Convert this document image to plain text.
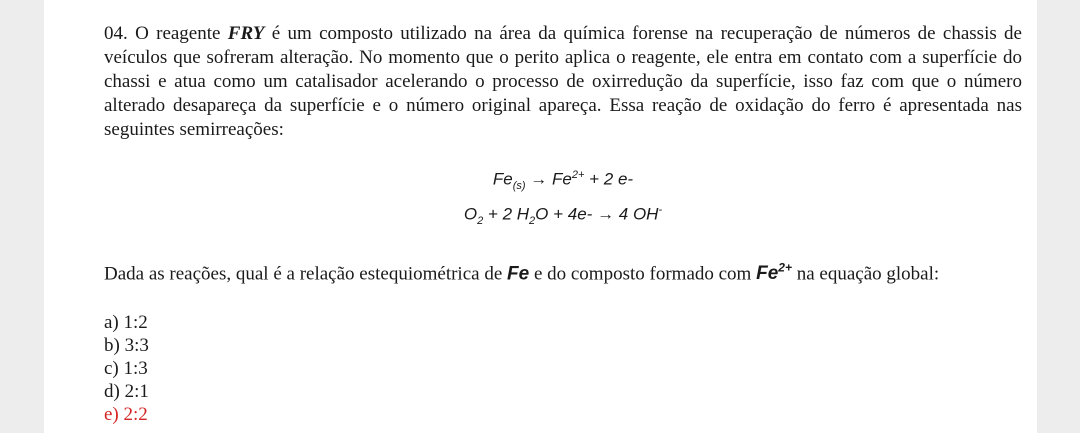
04. O reagente FRY é um composto utilizado na área da química forense na recuperação de números de chassis de veículos que sofreram alteração. No momento que o perito aplica o reagente, ele entra em contato com a superfície do chassi e atua como um catalisador acelerando o processo de oxirredução da superfície, isso faz com que o número alterado desapareça da superfície e o número original apareça. Essa reação de oxidação do ferro é apresentada nas seguintes semirreações:

$Fe_{(s)} \to Fe^{2+} + 2$ e-
$O_2 + 2$ $H_2O + 4e- \to 4$ OH-

Dada as reações, qual é a relação estequiométrica de Fe e do composto formado com $Fe^{2+}$ na equação global:

a) 1:2
b) 3:3
c) 1:3
d) 2:1
e) 2:2
